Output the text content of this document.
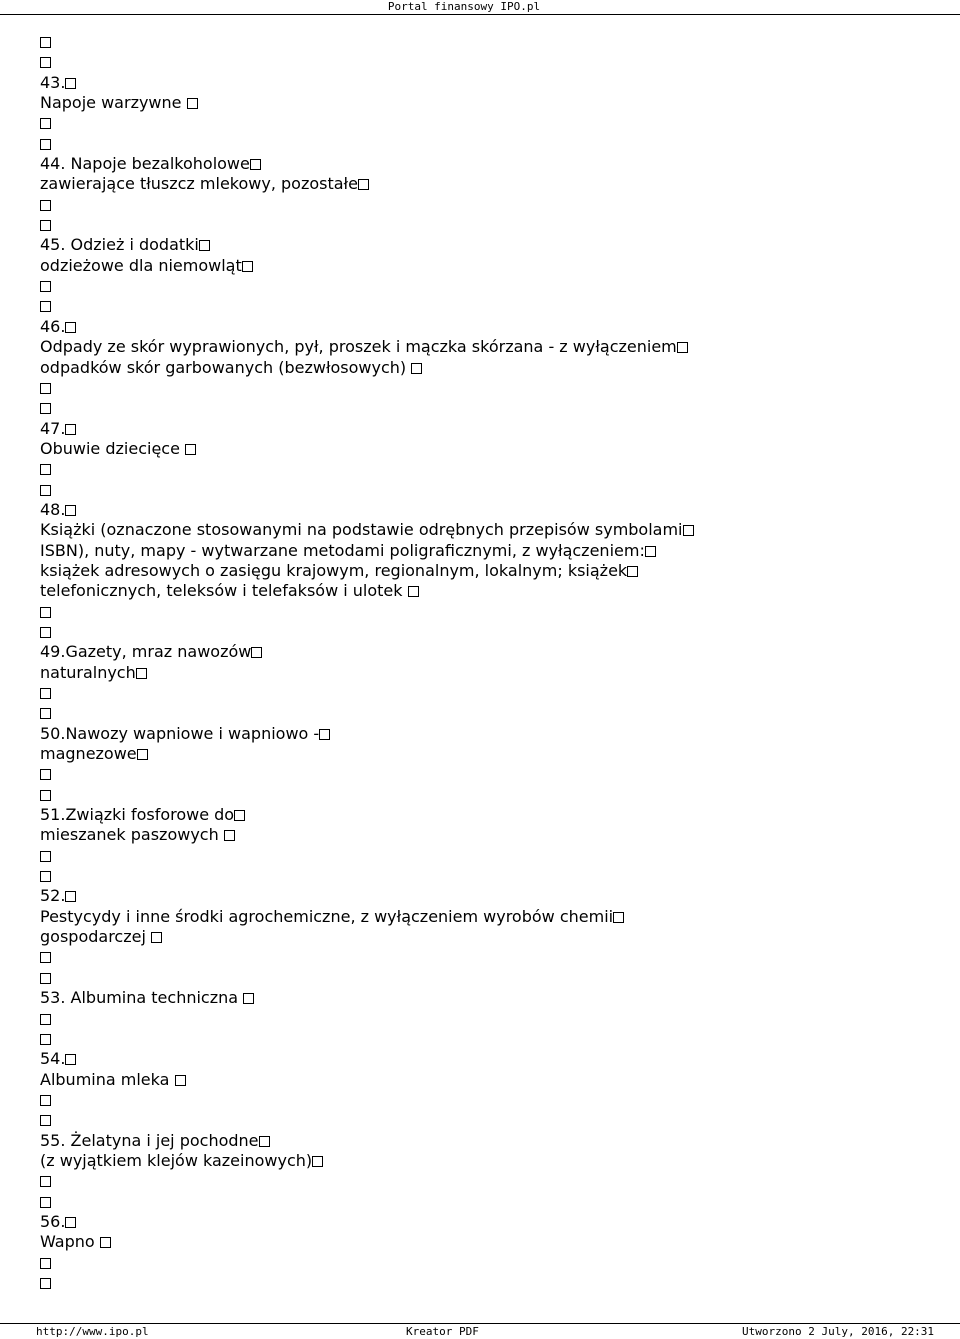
Portal finansowy IPO.pl
43.
Napoje warzywne
44. Napoje bezalkoholowe
zawierające tłuszcz mlekowy, pozostałe
45. Odzież i dodatki
odzieżowe dla niemowląt
46.
Odpady ze skór wyprawionych, pył, proszek i mączka skórzana - z wyłączeniem
odpadków skór garbowanych (bezwłosowych)
47.
Obuwie dziecięce
48.
Książki (oznaczone stosowanymi na podstawie odrębnych przepisów symbolami
ISBN), nuty, mapy - wytwarzane metodami poligraficznymi, z wyłączeniem:
książek adresowych o zasięgu krajowym, regionalnym, lokalnym; książek
telefonicznych, teleksów i telefaksów i ulotek
49.Gazety, mraz nawozów
naturalnych
50.Nawozy wapniowe i wapniowo -
magnezowe
51.Związki fosforowe do
mieszanek paszowych
52.
Pestycydy i inne środki agrochemiczne, z wyłączeniem wyrobów chemii
gospodarczej
53. Albumina techniczna
54.
Albumina mleka
55. Żelatyna i jej pochodne
(z wyjątkiem klejów kazeinowych)
56.
Wapno
http://www.ipo.pl	Kreator PDF	Utworzono 2 July, 2016, 22:31
